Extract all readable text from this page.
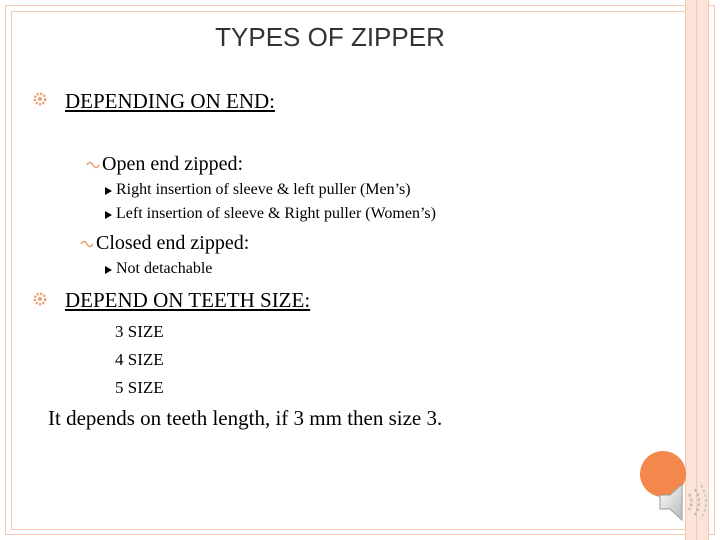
TYPES OF ZIPPER
DEPENDING ON END:
Open end zipped:
Right insertion of sleeve & left puller (Men’s)
Left insertion of sleeve & Right puller (Women’s)
Closed end zipped:
Not detachable
DEPEND ON TEETH SIZE:
3 SIZE
4 SIZE
5 SIZE
It depends on teeth length, if 3 mm then size 3.
